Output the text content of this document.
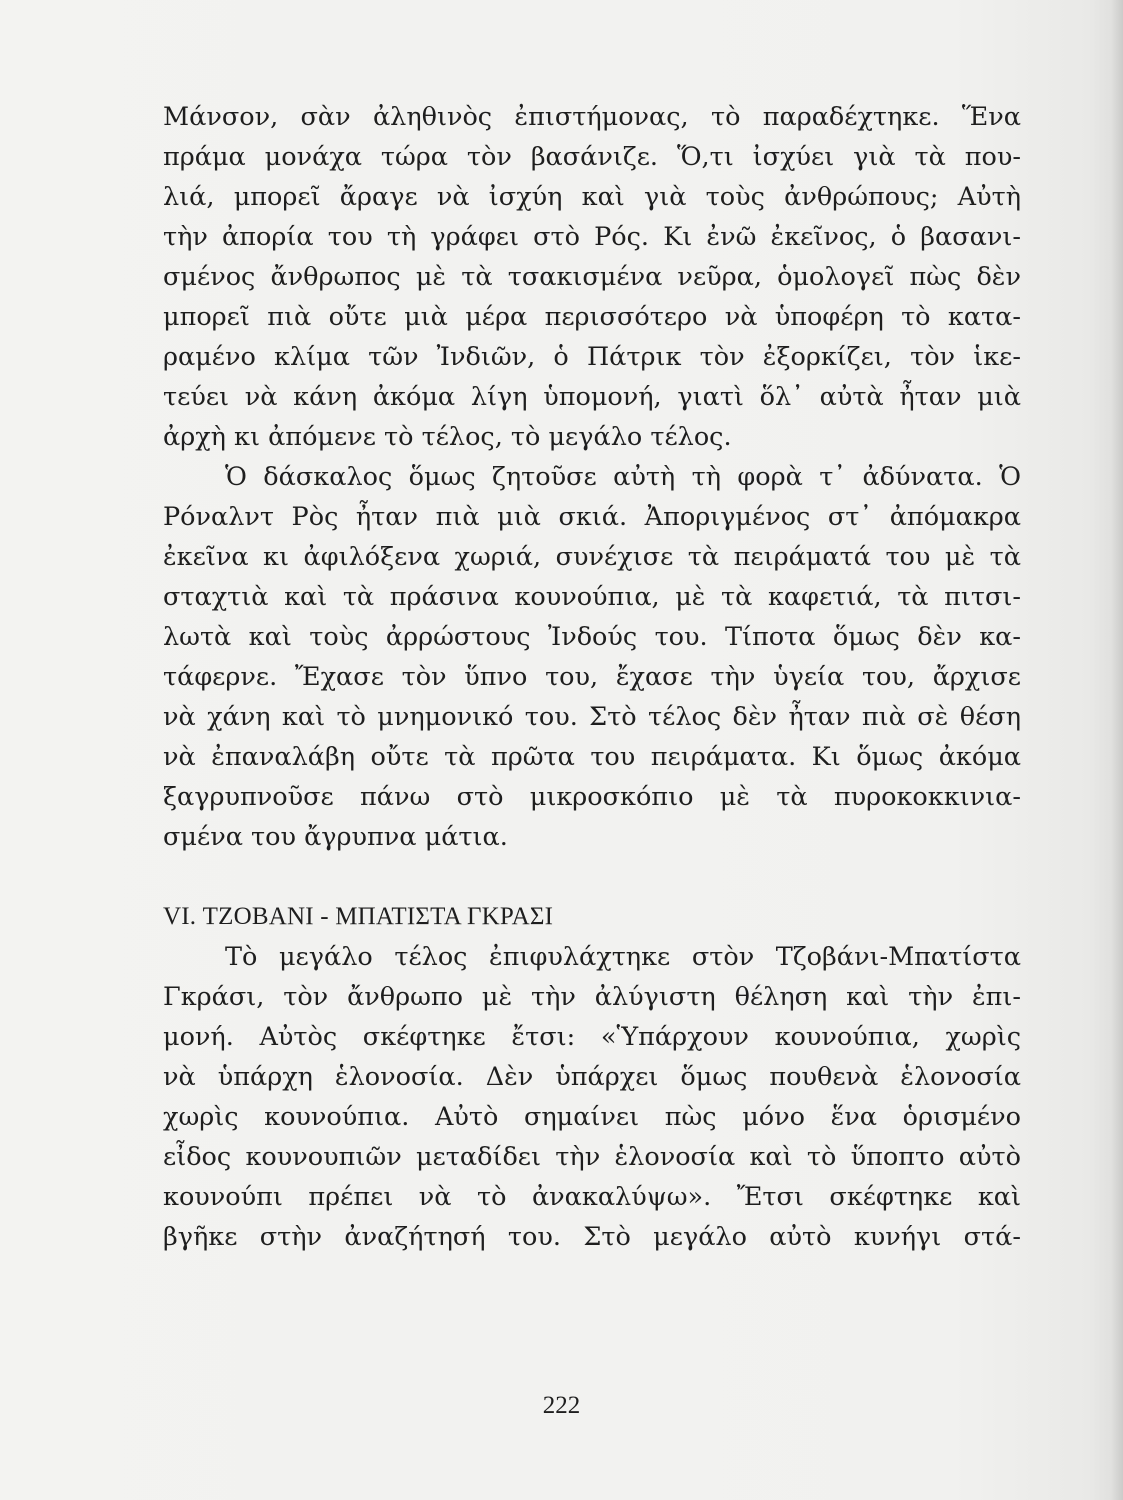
Μάνσον, σὰν ἀληθινὸς ἐπιστήμονας, τὸ παραδέχτηκε. Ἕνα
πράμα μονάχα τώρα τὸν βασάνιζε. Ὅ,τι ἰσχύει γιὰ τὰ που-
λιά, μπορεῖ ἄραγε νὰ ἰσχύη καὶ γιὰ τοὺς ἀνθρώπους; Αὐτὴ
τὴν ἀπορία του τὴ γράφει στὸ Ρός. Κι ἐνῶ ἐκεῖνος, ὁ βασανι-
σμένος ἄνθρωπος μὲ τὰ τσακισμένα νεῦρα, ὁμολογεῖ πὼς δὲν
μπορεῖ πιὰ οὔτε μιὰ μέρα περισσότερο νὰ ὑποφέρη τὸ κατα-
ραμένο κλίμα τῶν Ἰνδιῶν, ὁ Πάτρικ τὸν ἐξορκίζει, τὸν ἱκε-
τεύει νὰ κάνη ἀκόμα λίγη ὑπομονή, γιατὶ ὅλ᾽ αὐτὰ ἦταν μιὰ
ἀρχὴ κι ἀπόμενε τὸ τέλος, τὸ μεγάλο τέλος.
Ὁ δάσκαλος ὅμως ζητοῦσε αὐτὴ τὴ φορὰ τ᾽ ἀδύνατα. Ὁ
Ρόναλντ Ρὸς ἦταν πιὰ μιὰ σκιά. Ἀποριγμένος στ᾽ ἀπόμακρα
ἐκεῖνα κι ἀφιλόξενα χωριά, συνέχισε τὰ πειράματά του μὲ τὰ
σταχτιὰ καὶ τὰ πράσινα κουνούπια, μὲ τὰ καφετιά, τὰ πιτσι-
λωτὰ καὶ τοὺς ἀρρώστους Ἰνδούς του. Τίποτα ὅμως δὲν κα-
τάφερνε. Ἔχασε τὸν ὕπνο του, ἔχασε τὴν ὑγεία του, ἄρχισε
νὰ χάνη καὶ τὸ μνημονικό του. Στὸ τέλος δὲν ἦταν πιὰ σὲ θέση
νὰ ἐπαναλάβη οὔτε τὰ πρῶτα του πειράματα. Κι ὅμως ἀκόμα
ξαγρυπνοῦσε πάνω στὸ μικροσκόπιο μὲ τὰ πυροκοκκινια-
σμένα του ἄγρυπνα μάτια.
VI. ΤΖΟΒΑΝΙ - ΜΠΑΤΙΣΤΑ ΓΚΡΑΣΙ
Τὸ μεγάλο τέλος ἐπιφυλάχτηκε στὸν Τζοβάνι-Μπατίστα
Γκράσι, τὸν ἄνθρωπο μὲ τὴν ἀλύγιστη θέληση καὶ τὴν ἐπι-
μονή. Αὐτὸς σκέφτηκε ἔτσι: «Ὑπάρχουν κουνούπια, χωρὶς
νὰ ὑπάρχη ἑλονοσία. Δὲν ὑπάρχει ὅμως πουθενὰ ἑλονοσία
χωρὶς κουνούπια. Αὐτὸ σημαίνει πὼς μόνο ἕνα ὁρισμένο
εἶδος κουνουπιῶν μεταδίδει τὴν ἑλονοσία καὶ τὸ ὕποπτο αὐτὸ
κουνούπι πρέπει νὰ τὸ ἀνακαλύψω». Ἔτσι σκέφτηκε καὶ
βγῆκε στὴν ἀναζήτησή του. Στὸ μεγάλο αὐτὸ κυνήγι στά-
222
